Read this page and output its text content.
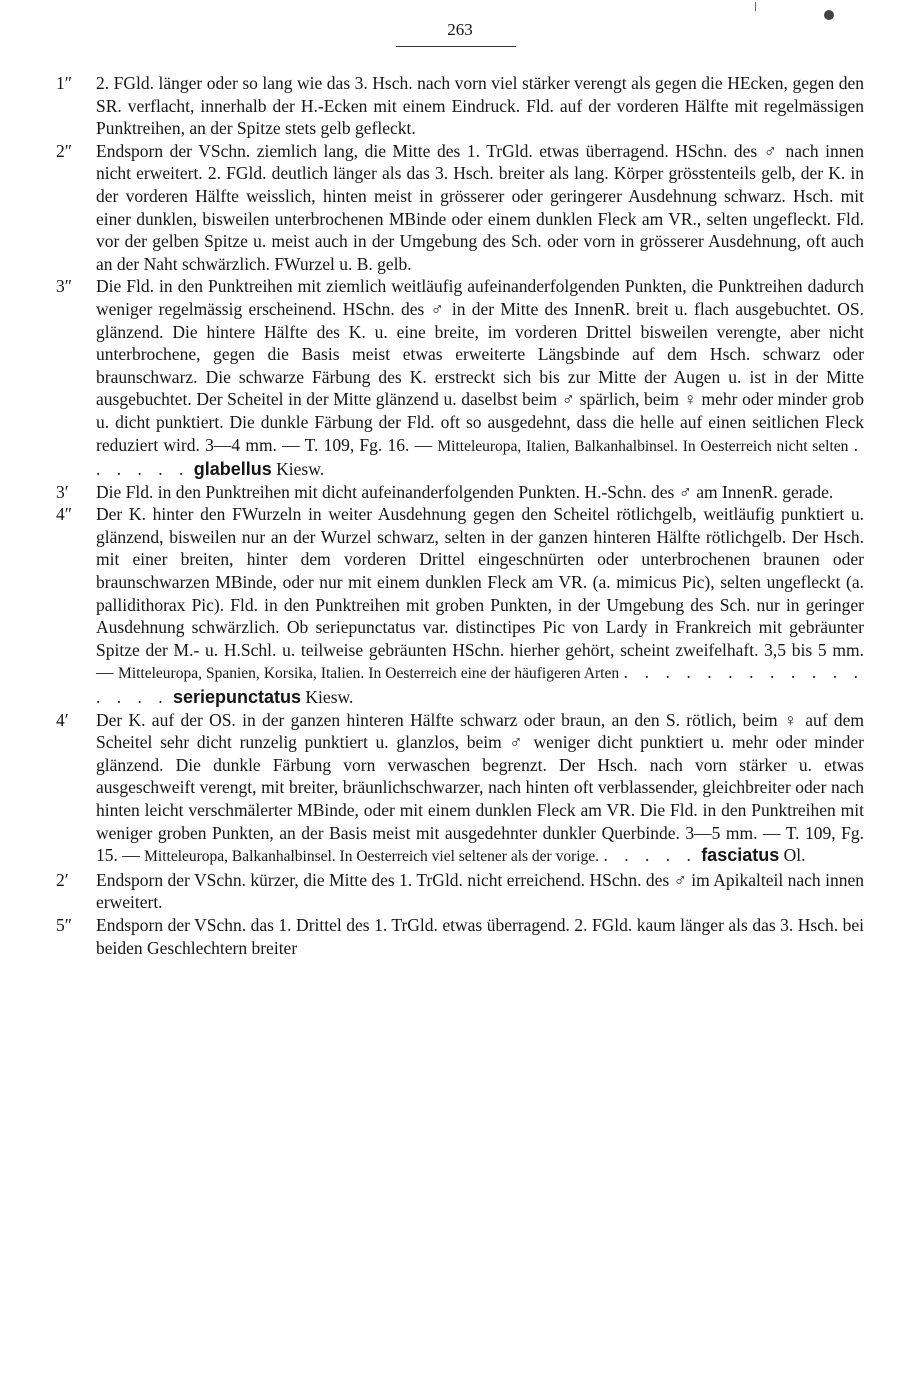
263
1″	2. FGld. länger oder so lang wie das 3. Hsch. nach vorn viel stärker verengt als gegen die HEcken, gegen den SR. verflacht, innerhalb der H.-Ecken mit einem Eindruck. Fld. auf der vorderen Hälfte mit regelmässigen Punktreihen, an der Spitze stets gelb gefleckt.
2″	Endsporn der VSchn. ziemlich lang, die Mitte des 1. TrGld. etwas überragend. HSchn. des ♂ nach innen nicht erweitert. 2. FGld. deutlich länger als das 3. Hsch. breiter als lang. Körper grösstenteils gelb, der K. in der vorderen Hälfte weisslich, hinten meist in grösserer oder geringerer Ausdehnung schwarz. Hsch. mit einer dunklen, bisweilen unterbrochenen MBinde oder einem dunklen Fleck am VR., selten ungefleckt. Fld. vor der gelben Spitze u. meist auch in der Umgebung des Sch. oder vorn in grösserer Ausdehnung, oft auch an der Naht schwärzlich. FWurzel u. B. gelb.
3″	Die Fld. in den Punktreihen mit ziemlich weitläufig aufeinanderfolgenden Punkten, die Punktreihen dadurch weniger regelmässig erscheinend. HSchn. des ♂ in der Mitte des InnenR. breit u. flach ausgebuchtet. OS. glänzend. Die hintere Hälfte des K. u. eine breite, im vorderen Drittel bisweilen verengte, aber nicht unterbrochene, gegen die Basis meist etwas erweiterte Längsbinde auf dem Hsch. schwarz oder braunschwarz. Die schwarze Färbung des K. erstreckt sich bis zur Mitte der Augen u. ist in der Mitte ausgebuchtet. Der Scheitel in der Mitte glänzend u. daselbst beim ♂ spärlich, beim ♀ mehr oder minder grob u. dicht punktiert. Die dunkle Färbung der Fld. oft so ausgedehnt, dass die helle auf einen seitlichen Fleck reduziert wird. 3—4 mm. — T. 109, Fg. 16. — Mitteleuropa, Italien, Balkanhalbinsel. In Oesterreich nicht selten . . . . . . glabellus Kiesw.
3′	Die Fld. in den Punktreihen mit dicht aufeinanderfolgenden Punkten. H.-Schn. des ♂ am InnenR. gerade.
4″	Der K. hinter den FWurzeln in weiter Ausdehnung gegen den Scheitel rötlichgelb, weitläufig punktiert u. glänzend, bisweilen nur an der Wurzel schwarz, selten in der ganzen hinteren Hälfte rötlichgelb. Der Hsch. mit einer breiten, hinter dem vorderen Drittel eingeschnürten oder unterbrochenen braunen oder braunschwarzen MBinde, oder nur mit einem dunklen Fleck am VR. (a. mimicus Pic), selten ungefleckt (a. pallidithorax Pic). Fld. in den Punktreihen mit groben Punkten, in der Umgebung des Sch. nur in geringer Ausdehnung schwärzlich. Ob seriepunctatus var. distinctipes Pic von Lardy in Frankreich mit gebräunter Spitze der M.- u. H.Schl. u. teilweise gebräunten HSchn. hierher gehört, scheint zweifelhaft. 3,5 bis 5 mm. — Mitteleuropa, Spanien, Korsika, Italien. In Oesterreich eine der häufigeren Arten . . . . . . . . . . . . . . . . seriepunctatus Kiesw.
4′	Der K. auf der OS. in der ganzen hinteren Hälfte schwarz oder braun, an den S. rötlich, beim ♀ auf dem Scheitel sehr dicht runzelig punktiert u. glanzlos, beim ♂ weniger dicht punktiert u. mehr oder minder glänzend. Die dunkle Färbung vorn verwaschen begrenzt. Der Hsch. nach vorn stärker u. etwas ausgeschweift verengt, mit breiter, bräunlichschwarzer, nach hinten oft verblassender, gleichbreiter oder nach hinten leicht verschmälerter MBinde, oder mit einem dunklen Fleck am VR. Die Fld. in den Punktreihen mit weniger groben Punkten, an der Basis meist mit ausgedehnter dunkler Querbinde. 3—5 mm. — T. 109, Fg. 15. — Mitteleuropa, Balkanhalbinsel. In Oesterreich viel seltener als der vorige. . . . . . fasciatus Ol.
2′	Endsporn der VSchn. kürzer, die Mitte des 1. TrGld. nicht erreichend. HSchn. des ♂ im Apikalteil nach innen erweitert.
5″	Endsporn der VSchn. das 1. Drittel des 1. TrGld. etwas überragend. 2. FGld. kaum länger als das 3. Hsch. bei beiden Geschlechtern breiter
